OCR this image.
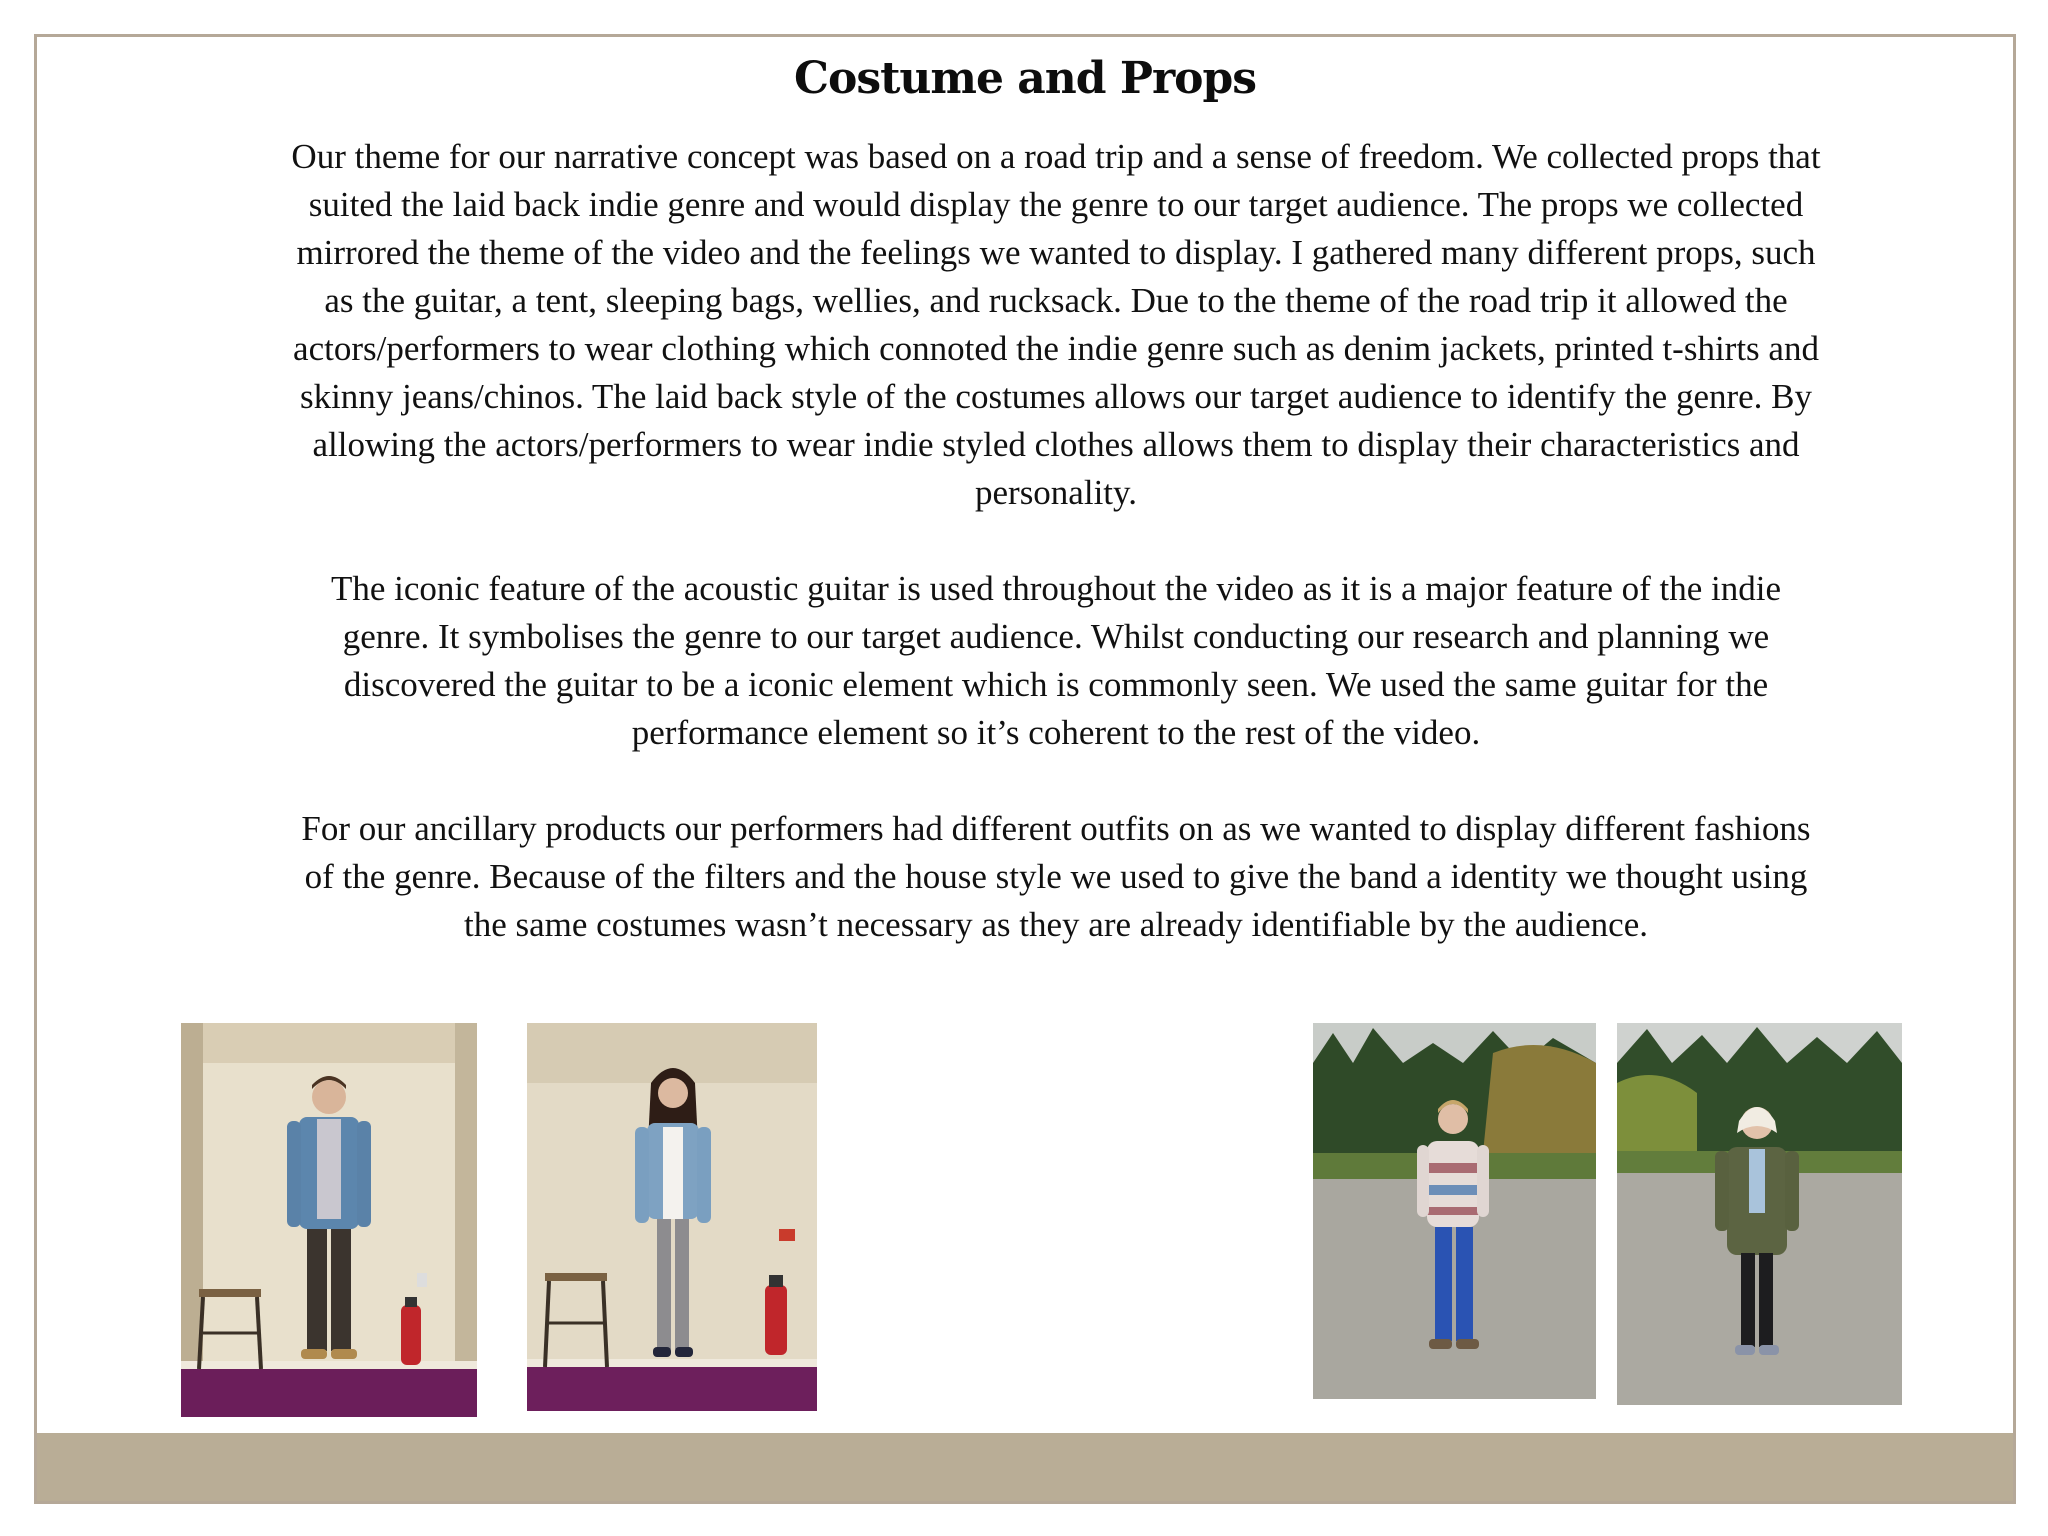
Costume and Props

Our theme for our narrative concept was based on a road trip and a sense of freedom. We collected props that suited the laid back indie genre and would display the genre to our target audience. The props we collected mirrored the theme of the video and the feelings we wanted to display. I gathered many different props, such as the guitar, a tent, sleeping bags, wellies, and rucksack. Due to the theme of the road trip it allowed the actors/performers to wear clothing which connoted the indie genre such as denim jackets, printed t-shirts and skinny jeans/chinos. The laid back style of the costumes allows our target audience to identify the genre. By allowing the actors/performers to wear indie styled clothes allows them to display their characteristics and personality.

The iconic feature of the acoustic guitar is used throughout the video as it is a major feature of the indie genre. It symbolises the genre to our target audience. Whilst conducting our research and planning we discovered the guitar to be a iconic element which is commonly seen. We used the same guitar for the performance element so it’s coherent to the rest of the video.

For our ancillary products our performers had different outfits on as we wanted to display different fashions of the genre. Because of the filters and the house style we used to give the band a identity we thought using the same costumes wasn’t necessary as they are already identifiable by the audience.
